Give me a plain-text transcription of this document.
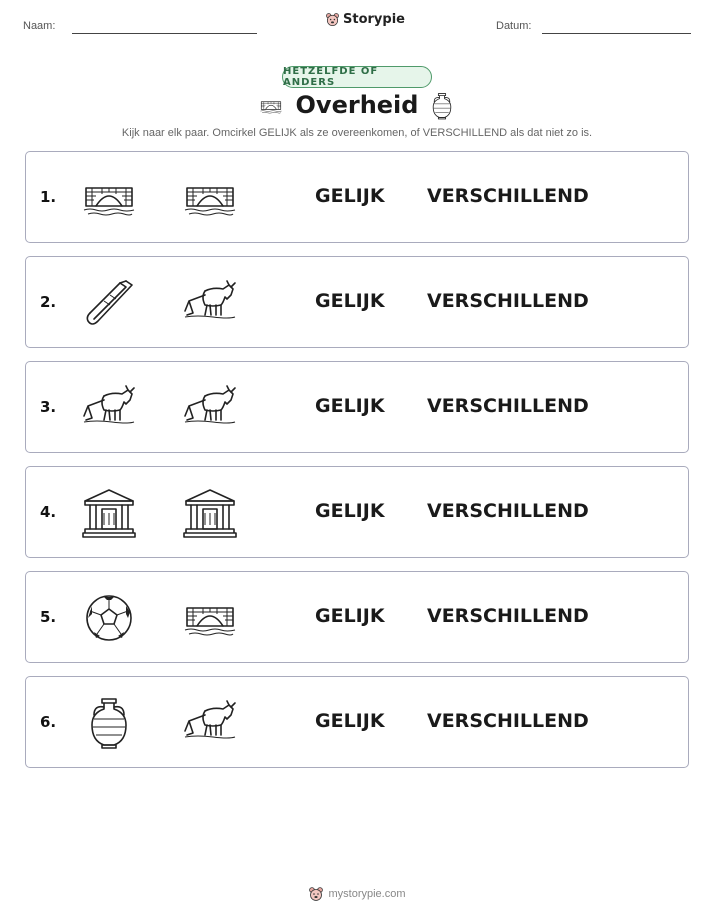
Naam:	Storypie	Datum:
HETZELFDE OF ANDERS
Overheid
Kijk naar elk paar. Omcirkel GELIJK als ze overeenkomen, of VERSCHILLEND als dat niet zo is.
1.	GELIJK VERSCHILLEND
2.	GELIJK VERSCHILLEND
3.	GELIJK VERSCHILLEND
4.	GELIJK VERSCHILLEND
5.	GELIJK VERSCHILLEND
6.	GELIJK VERSCHILLEND
mystorypie.com
